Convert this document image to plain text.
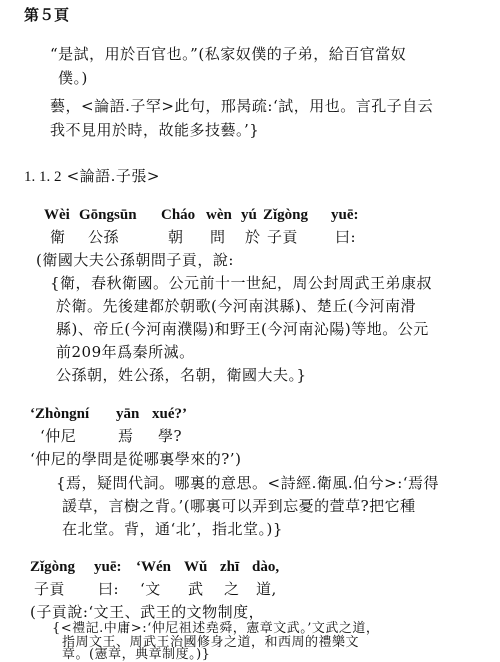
第５頁
“是試，用於百官也。”(私家奴僕的子弟，給百官當奴
僕。)
藝，<論語.子罕>此句，邢昺疏:‘試，用也。言孔子自云
我不見用於時，故能多技藝。’}
1. 1. 2 <論語.子張>
Wèi Gōngsūn Cháo wèn yú Zǐgòng yuē:
衛 公孫	朝 問 於 子貢 曰:
(衛國大夫公孫朝問子貢，說:
{衛，春秋衛國。公元前十一世紀，周公封周武王弟康叔
於衛。先後建都於朝歌(今河南淇縣)、楚丘(今河南滑
縣)、帝丘(今河南濮陽)和野王(今河南沁陽)等地。公元
前209年爲秦所滅。
公孫朝，姓公孫，名朝，衛國大夫。}
‘Zhòngní yān xué?’
‘仲尼	焉 學?
‘仲尼的學問是從哪裏學來的?’)
{焉，疑問代詞。哪裏的意思。<詩經.衛風.伯兮>:‘焉得
諼草，言樹之背。’(哪裏可以弄到忘憂的萱草?把它種
在北堂。背，通‘北’，指北堂。)}
Zǐgòng yuē: ‘Wén Wǔ zhī dào,
子貢 曰: ‘文 武 之 道,
(子貢說:‘文王、武王的文物制度，
{<禮記.中庸>:‘仲尼祖述堯舜，憲章文武。’文武之道，
指周文王、周武王治國修身之道，和西周的禮樂文
章。(憲章，典章制度。)}
